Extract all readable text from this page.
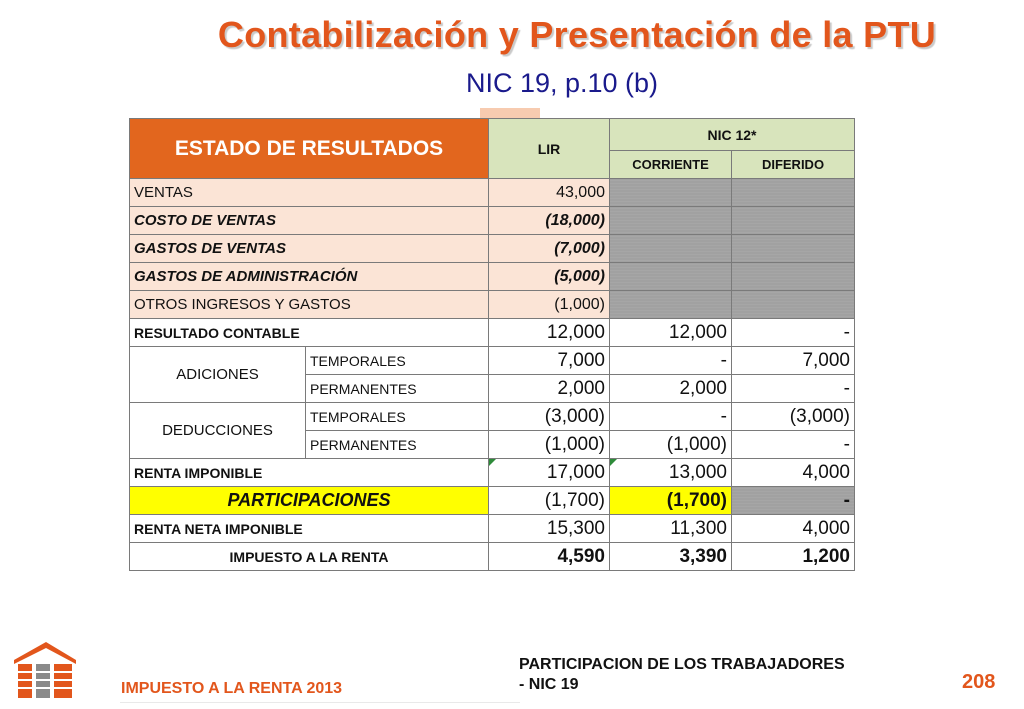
Contabilización y Presentación de la PTU
NIC 19, p.10 (b)
ESTADO DE RESULTADOS		LIR	NIC 12*	
			CORRIENTE	DIFERIDO
VENTAS		43,000		
COSTO DE VENTAS		(18,000)		
GASTOS DE VENTAS		(7,000)		
GASTOS DE ADMINISTRACIÓN		(5,000)		
OTROS INGRESOS Y GASTOS		(1,000)		
RESULTADO CONTABLE		12,000	12,000	-
ADICIONES	TEMPORALES	7,000	-	7,000
	PERMANENTES	2,000	2,000	-
DEDUCCIONES	TEMPORALES	(3,000)	-	(3,000)
	PERMANENTES	(1,000)	(1,000)	-
RENTA IMPONIBLE		17,000	13,000	4,000
PARTICIPACIONES		(1,700)	(1,700)	-
RENTA NETA IMPONIBLE		15,300	11,300	4,000
IMPUESTO A LA RENTA		4,590	3,390	1,200
IMPUESTO A LA RENTA 2013
PARTICIPACION DE LOS TRABAJADORES
- NIC 19	208
